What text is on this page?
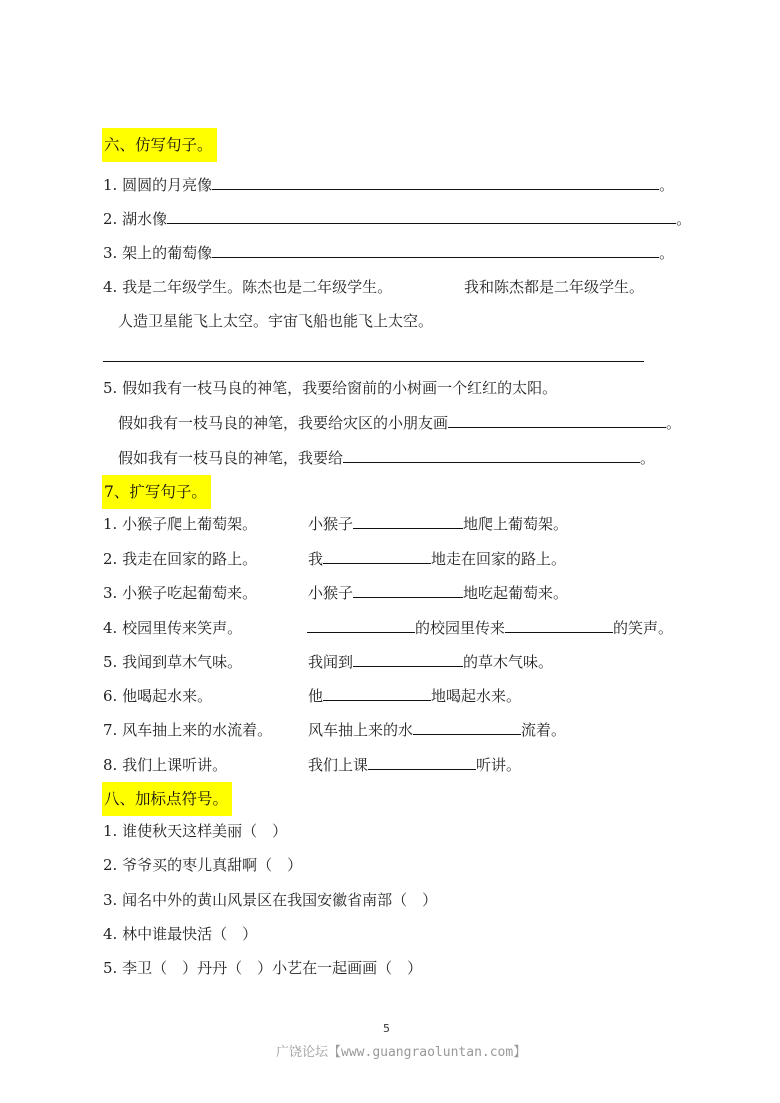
六、仿写句子。
1. 圆圆的月亮像	。
2. 湖水像	。
3. 架上的葡萄像	。
4. 我是二年级学生。陈杰也是二年级学生。	我和陈杰都是二年级学生。
人造卫星能飞上太空。宇宙飞船也能飞上太空。
5. 假如我有一枝马良的神笔，我要给窗前的小树画一个红红的太阳。
假如我有一枝马良的神笔，我要给灾区的小朋友画	。
假如我有一枝马良的神笔，我要给	。
7、扩写句子。
1. 小猴子爬上葡萄架。	小猴子	地爬上葡萄架。
2. 我走在回家的路上。	我	地走在回家的路上。
3. 小猴子吃起葡萄来。	小猴子	地吃起葡萄来。
4. 校园里传来笑声。	的校园里传来	的笑声。
5. 我闻到草木气味。	我闻到	的草木气味。
6. 他喝起水来。	他	地喝起水来。
7. 风车抽上来的水流着。 风车抽上来的水	流着。
8. 我们上课听讲。	我们上课	听讲。
八、加标点符号。
1. 谁使秋天这样美丽（　）
2. 爷爷买的枣儿真甜啊（　）
3. 闻名中外的黄山风景区在我国安徽省南部（　）
4. 林中谁最快活（　）
5. 李卫（　）丹丹（　）小艺在一起画画（　）
5
广饶论坛【www.guangraoluntan.com】
